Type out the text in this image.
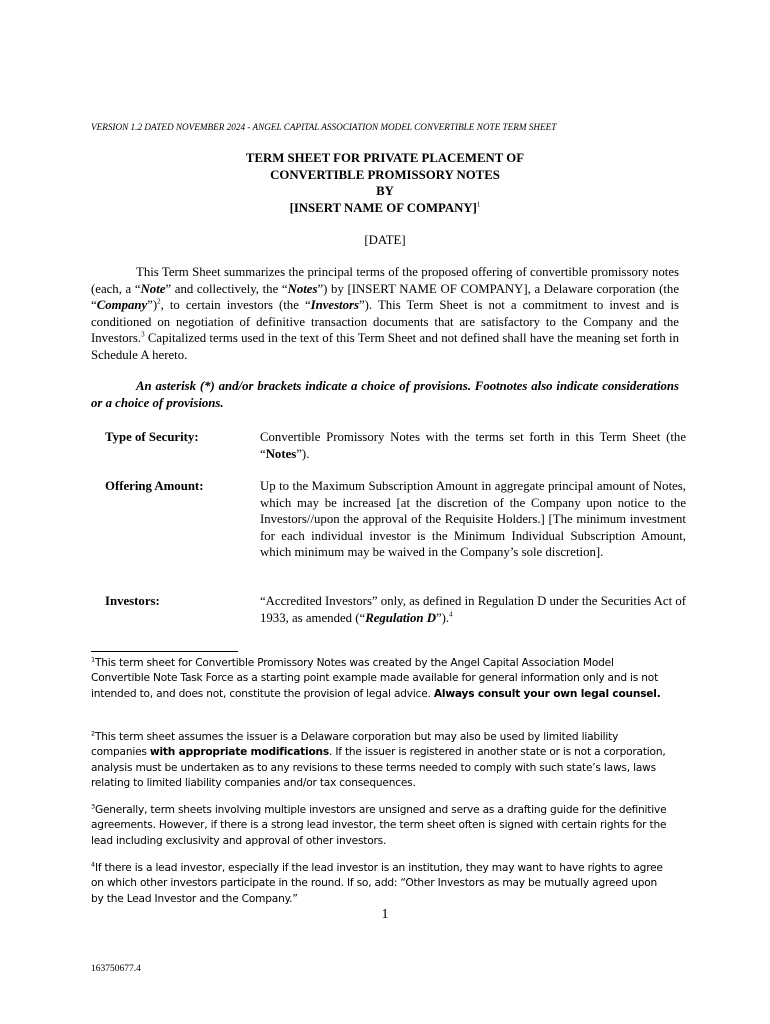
VERSION 1.2 DATED NOVEMBER 2024 - ANGEL CAPITAL ASSOCIATION MODEL CONVERTIBLE NOTE TERM SHEET
TERM SHEET FOR PRIVATE PLACEMENT OF
CONVERTIBLE PROMISSORY NOTES
BY
[INSERT NAME OF COMPANY]$^1$
[DATE]
This Term Sheet summarizes the principal terms of the proposed offering of convertible promissory notes (each, a “Note” and collectively, the “Notes”) by [INSERT NAME OF COMPANY], a Delaware corporation (the “Company”)$^2$, to certain investors (the “Investors”). This Term Sheet is not a commitment to invest and is conditioned on negotiation of definitive transaction documents that are satisfactory to the Company and the Investors.$^3$ Capitalized terms used in the text of this Term Sheet and not defined shall have the meaning set forth in Schedule A hereto.
An asterisk (*) and/or brackets indicate a choice of provisions. Footnotes also indicate considerations or a choice of provisions.
Type of Security:	Convertible Promissory Notes with the terms set forth in this Term Sheet (the “Notes”).
Offering Amount:	Up to the Maximum Subscription Amount in aggregate principal amount of Notes, which may be increased [at the discretion of the Company upon notice to the Investors//upon the approval of the Requisite Holders.] [The minimum investment for each individual investor is the Minimum Individual Subscription Amount, which minimum may be waived in the Company’s sole discretion].
Investors:	“Accredited Investors” only, as defined in Regulation D under the Securities Act of 1933, as amended (“Regulation D”).$^4$
$^1$This term sheet for Convertible Promissory Notes was created by the Angel Capital Association Model Convertible Note Task Force as a starting point example made available for general information only and is not intended to, and does not, constitute the provision of legal advice. Always consult your own legal counsel.
$^2$This term sheet assumes the issuer is a Delaware corporation but may also be used by limited liability companies with appropriate modifications. If the issuer is registered in another state or is not a corporation, analysis must be undertaken as to any revisions to these terms needed to comply with such state’s laws, laws relating to limited liability companies and/or tax consequences.
$^3$Generally, term sheets involving multiple investors are unsigned and serve as a drafting guide for the definitive agreements. However, if there is a strong lead investor, the term sheet often is signed with certain rights for the lead including exclusivity and approval of other investors.
$^4$If there is a lead investor, especially if the lead investor is an institution, they may want to have rights to agree on which other investors participate in the round. If so, add: “Other Investors as may be mutually agreed upon by the Lead Investor and the Company.”
1
163750677.4
